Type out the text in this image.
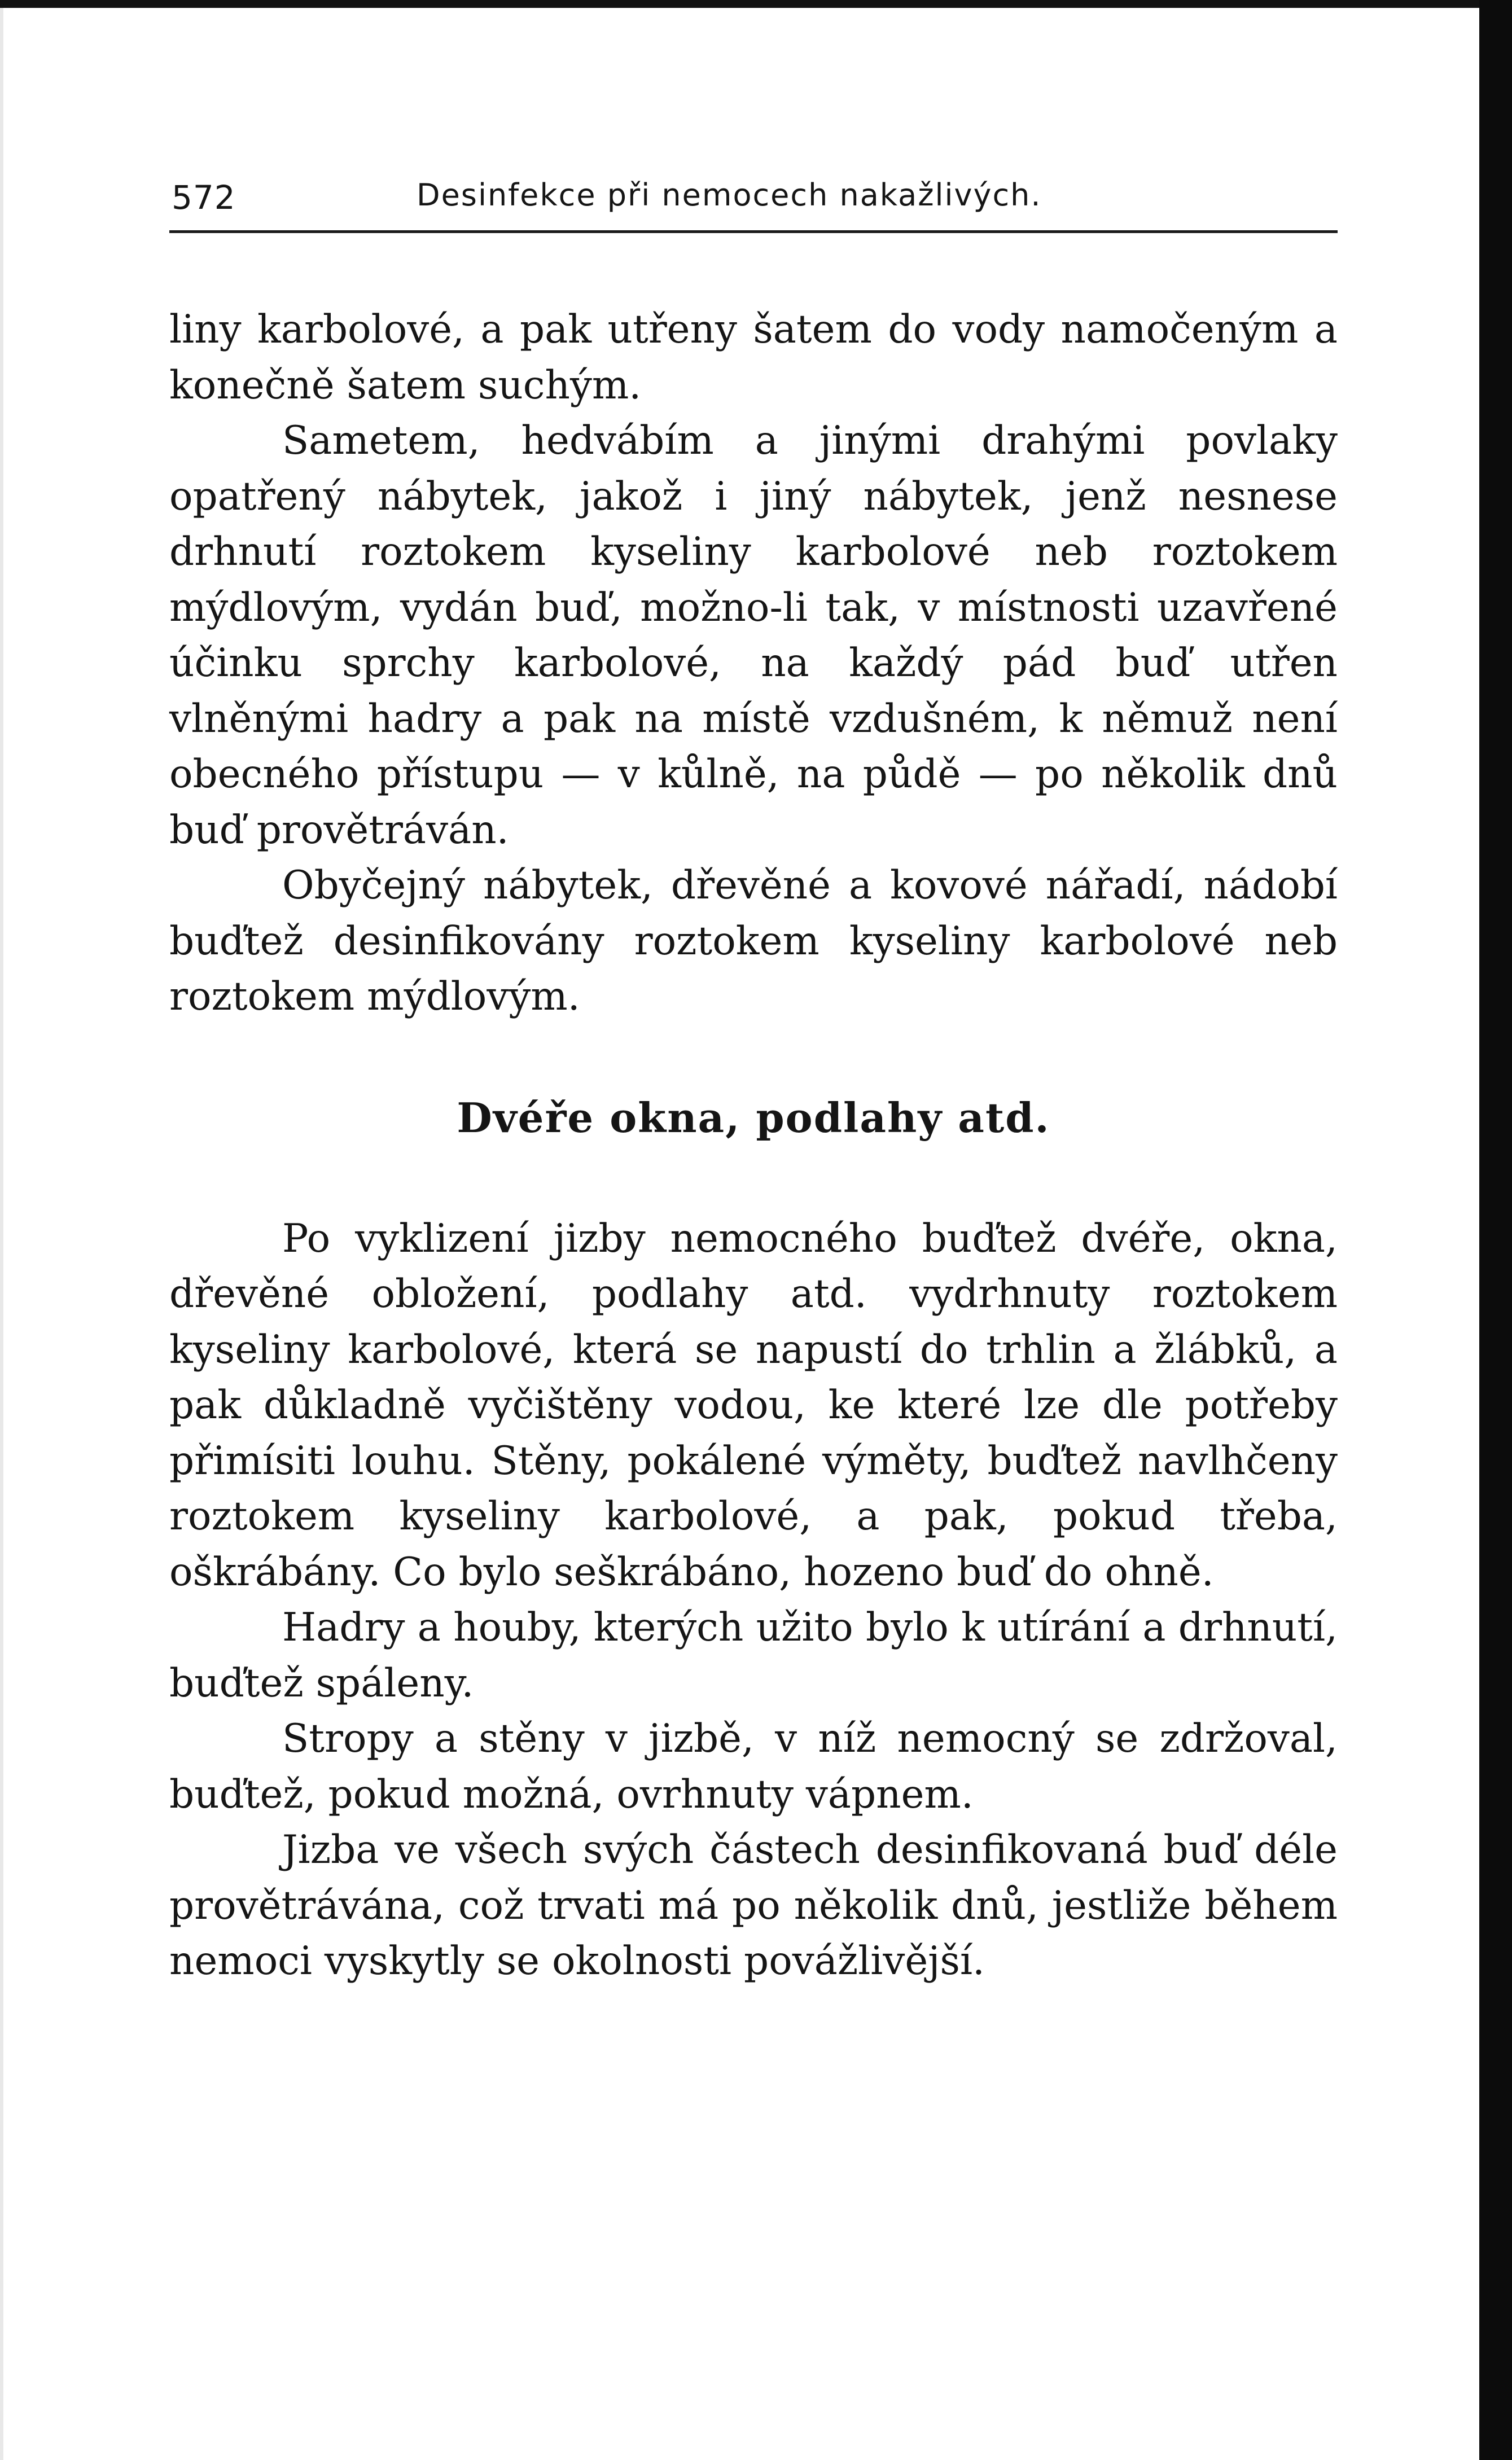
572	Desinfekce při nemocech nakažlivých.

liny karbolové, a pak utřeny šatem do vody namočeným a konečně šatem suchým.

Sametem, hedvábím a jinými drahými povlaky opatřený nábytek, jakož i jiný nábytek, jenž nesnese drhnutí roztokem kyseliny karbolové neb roztokem mýdlovým, vydán buď, možno-li tak, v místnosti uzavřené účinku sprchy karbolové, na každý pád buď utřen vlněnými hadry a pak na místě vzdušném, k němuž není obecného přístupu — v kůlně, na půdě — po několik dnů buď provětráván.

Obyčejný nábytek, dřevěné a kovové nářadí, nádobí buďtež desinfikovány roztokem kyseliny karbolové neb roztokem mýdlovým.

Dvéře okna, podlahy atd.

Po vyklizení jizby nemocného buďtež dvéře, okna, dřevěné obložení, podlahy atd. vydrhnuty roztokem kyseliny karbolové, která se napustí do trhlin a žlábků, a pak důkladně vyčištěny vodou, ke které lze dle potřeby přimísiti louhu. Stěny, pokálené výměty, buďtež navlhčeny roztokem kyseliny karbolové, a pak, pokud třeba, oškrábány. Co bylo seškrábáno, hozeno buď do ohně.

Hadry a houby, kterých užito bylo k utírání a drhnutí, buďtež spáleny.

Stropy a stěny v jizbě, v níž nemocný se zdržoval, buďtež, pokud možná, ovrhnuty vápnem.

Jizba ve všech svých částech desinfikovaná buď déle provětrávána, což trvati má po několik dnů, jestliže během nemoci vyskytly se okolnosti povážlivější.
